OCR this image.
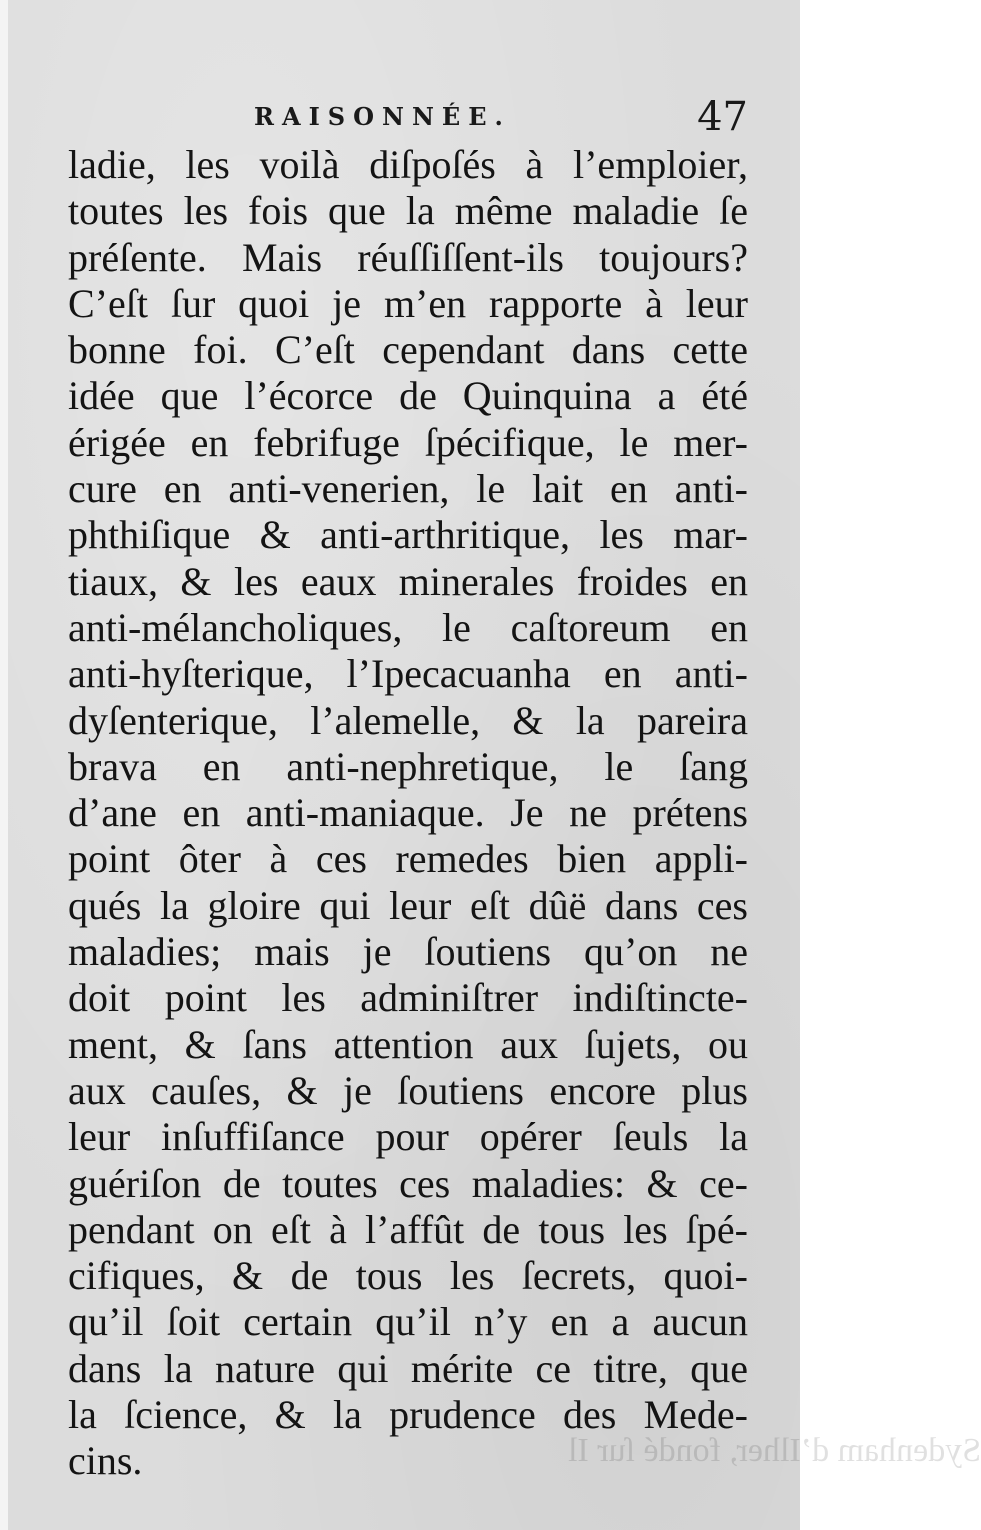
RAISONNÉE.	47
Sydenham d’Ilher, fondé ſur Il
ladie, les voilà diſpoſés à l’emploier,
toutes les fois que la même maladie ſe
préſente. Mais réuſſiſſent-ils toujours?
C’eſt ſur quoi je m’en rapporte à leur
bonne foi. C’eſt cependant dans cette
idée que l’écorce de Quinquina a été
érigée en febrifuge ſpécifique, le mer-
cure en anti-venerien, le lait en anti-
phthiſique & anti-arthritique, les mar-
tiaux, & les eaux minerales froides en
anti-mélancholiques, le caſtoreum en
anti-hyſterique, l’Ipecacuanha en anti-
dyſenterique, l’alemelle, & la pareira
brava en anti-nephretique, le ſang
d’ane en anti-maniaque. Je ne prétens
point ôter à ces remedes bien appli-
qués la gloire qui leur eſt dûë dans ces
maladies; mais je ſoutiens qu’on ne
doit point les adminiſtrer indiſtincte-
ment, & ſans attention aux ſujets, ou
aux cauſes, & je ſoutiens encore plus
leur inſuffiſance pour opérer ſeuls la
guériſon de toutes ces maladies: & ce-
pendant on eſt à l’affût de tous les ſpé-
cifiques, & de tous les ſecrets, quoi-
qu’il ſoit certain qu’il n’y en a aucun
dans la nature qui mérite ce titre, que
la ſcience, & la prudence des Mede-
cins.
